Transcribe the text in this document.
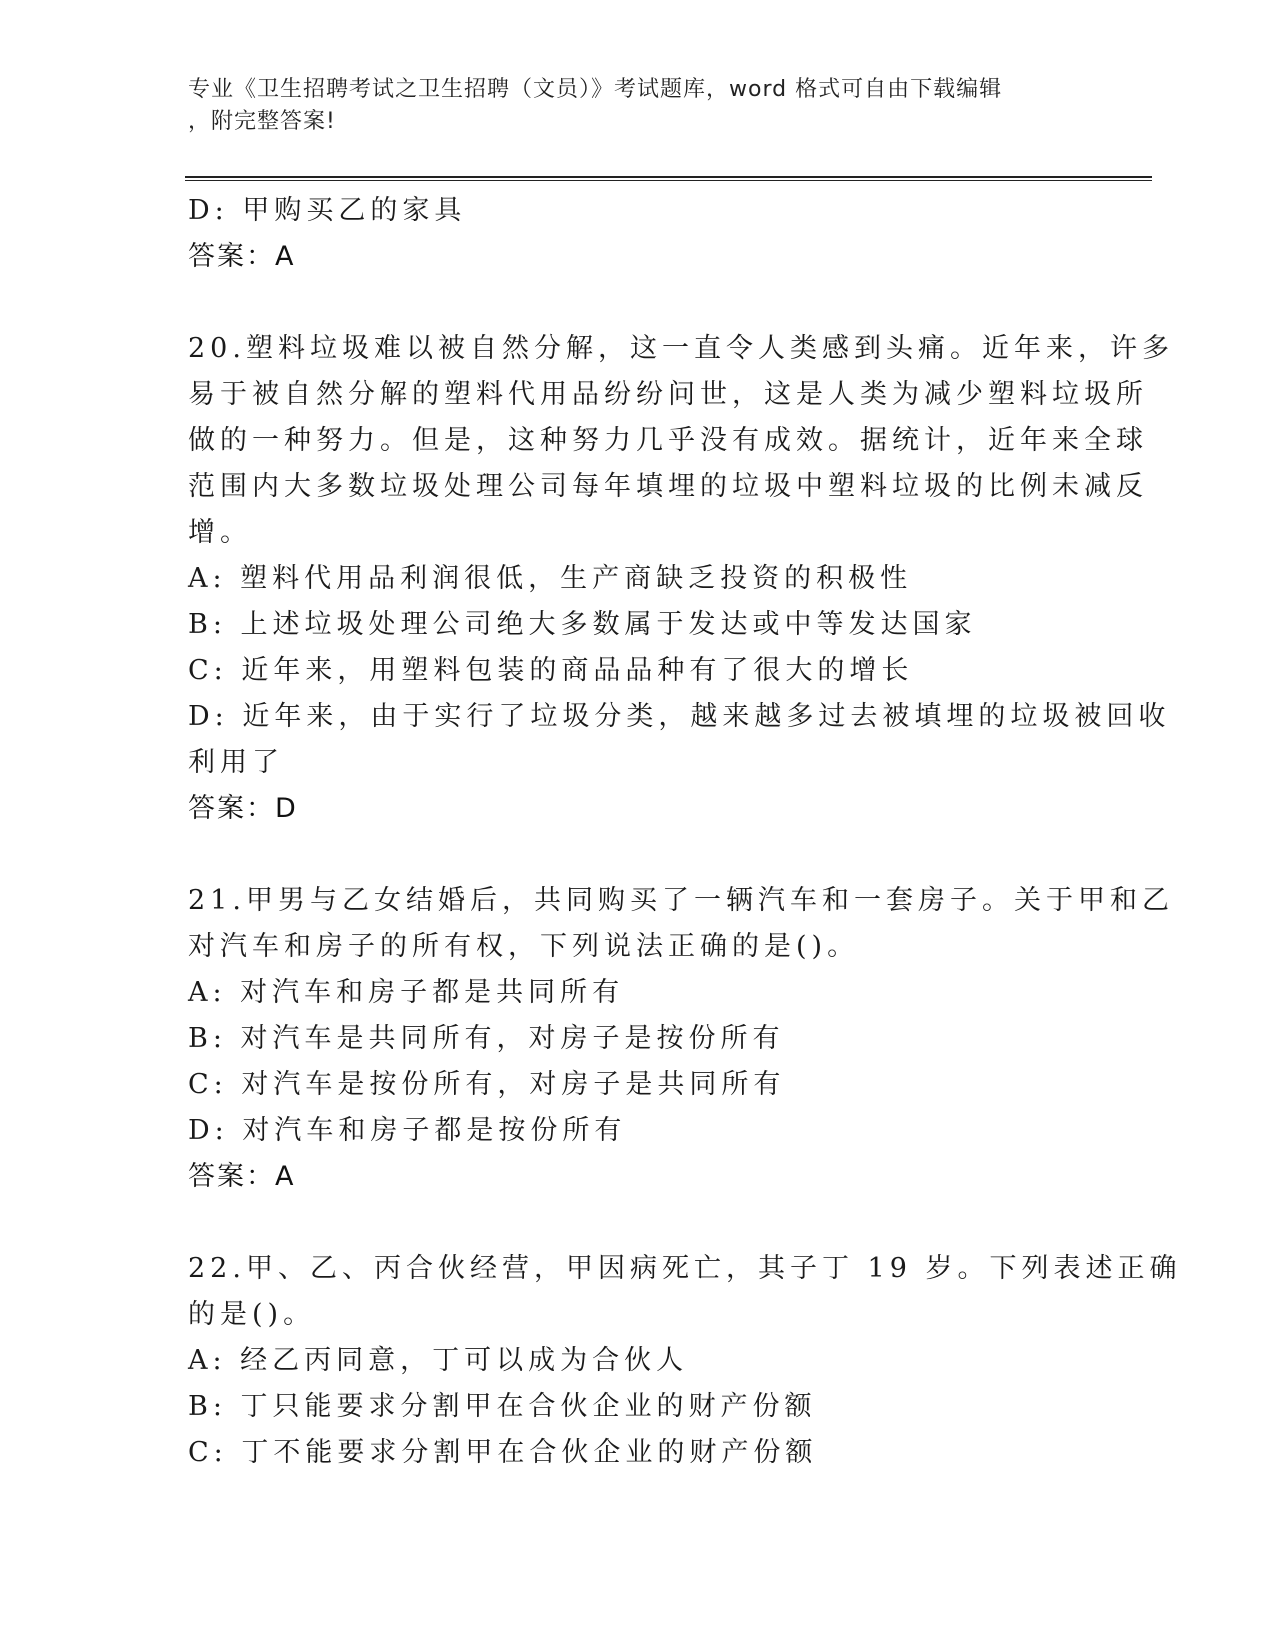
专业《卫生招聘考试之卫生招聘（文员）》考试题库，word 格式可自由下载编辑
，附完整答案!
D: 甲购买乙的家具
答案：A
20.塑料垃圾难以被自然分解，这一直令人类感到头痛。近年来，许多
易于被自然分解的塑料代用品纷纷问世，这是人类为减少塑料垃圾所
做的一种努力。但是，这种努力几乎没有成效。据统计，近年来全球
范围内大多数垃圾处理公司每年填埋的垃圾中塑料垃圾的比例未减反
增。
A: 塑料代用品利润很低，生产商缺乏投资的积极性
B: 上述垃圾处理公司绝大多数属于发达或中等发达国家
C: 近年来，用塑料包装的商品品种有了很大的增长
D: 近年来，由于实行了垃圾分类，越来越多过去被填埋的垃圾被回收
利用了
答案：D
21.甲男与乙女结婚后，共同购买了一辆汽车和一套房子。关于甲和乙
对汽车和房子的所有权，下列说法正确的是()。
A: 对汽车和房子都是共同所有
B: 对汽车是共同所有，对房子是按份所有
C: 对汽车是按份所有，对房子是共同所有
D: 对汽车和房子都是按份所有
答案：A
22.甲、乙、丙合伙经营，甲因病死亡，其子丁 19 岁。下列表述正确
的是()。
A: 经乙丙同意，丁可以成为合伙人
B: 丁只能要求分割甲在合伙企业的财产份额
C: 丁不能要求分割甲在合伙企业的财产份额
